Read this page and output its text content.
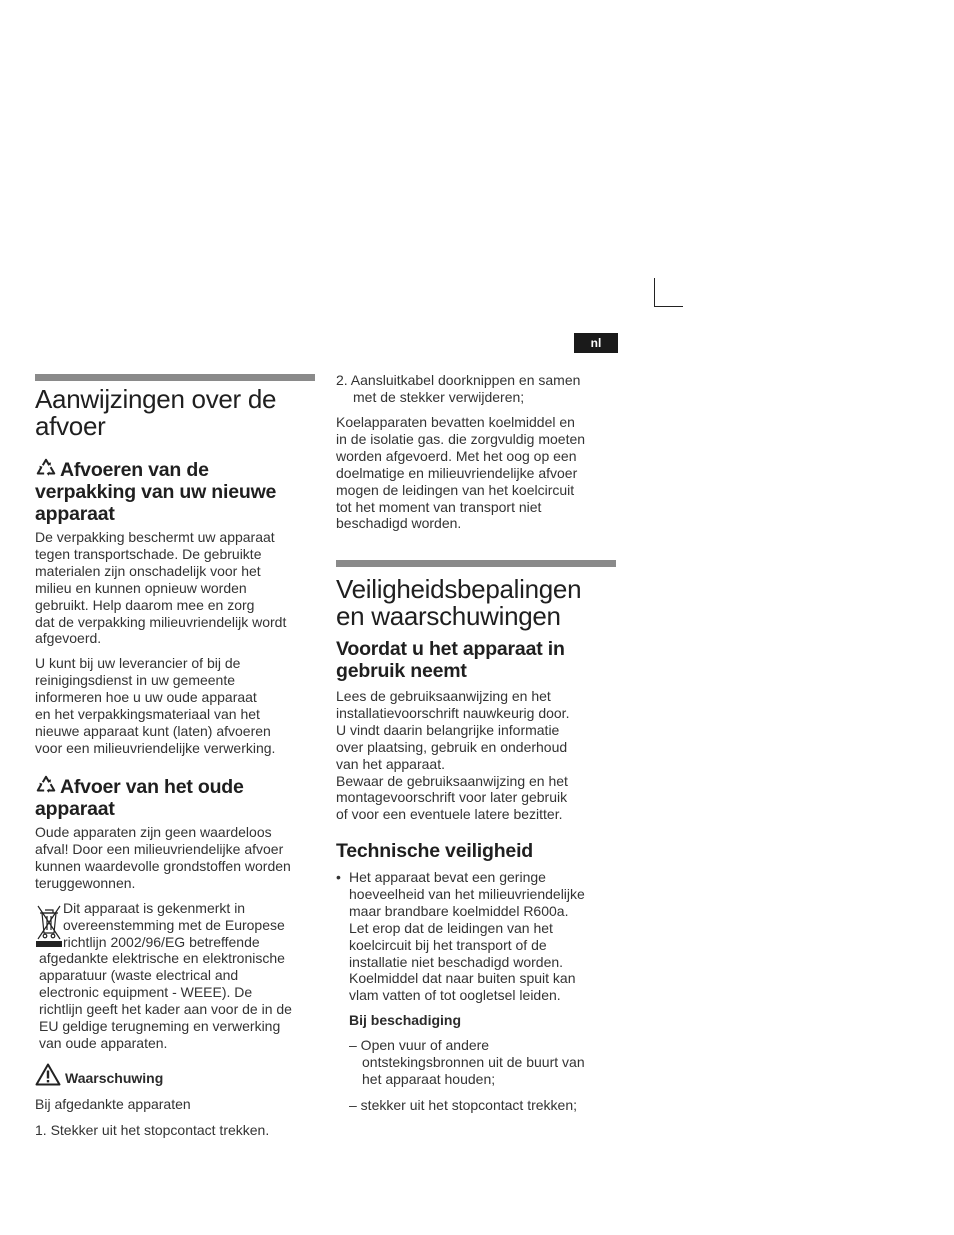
nl
Aanwijzingen over de
afvoer
Afvoeren van de
verpakking van uw nieuwe
apparaat

De verpakking beschermt uw apparaat
tegen transportschade. De gebruikte
materialen zijn onschadelijk voor het
milieu en kunnen opnieuw worden
gebruikt. Help daarom mee en zorg
dat de verpakking milieuvriendelijk wordt
afgevoerd.

U kunt bij uw leverancier of bij de
reinigingsdienst in uw gemeente
informeren hoe u uw oude apparaat
en het verpakkingsmateriaal van het
nieuwe apparaat kunt (laten) afvoeren
voor een milieuvriendelijke verwerking.

Afvoer van het oude
apparaat

Oude apparaten zijn geen waardeloos
afval! Door een milieuvriendelijke afvoer
kunnen waardevolle grondstoffen worden
teruggewonnen.

Dit apparaat is gekenmerkt in
overeenstemming met de Europese
richtlijn 2002/96/EG betreffende

afgedankte elektrische en elektronische
apparatuur (waste electrical and
electronic equipment - WEEE). De
richtlijn geeft het kader aan voor de in de
EU geldige terugneming en verwerking
van oude apparaten.

Waarschuwing

Bij afgedankte apparaten

1. Stekker uit het stopcontact trekken.

2. Aansluitkabel doorknippen en samen
met de stekker verwijderen;

Koelapparaten bevatten koelmiddel en
in de isolatie gas. die zorgvuldig moeten
worden afgevoerd. Met het oog op een
doelmatige en milieuvriendelijke afvoer
mogen de leidingen van het koelcircuit
tot het moment van transport niet
beschadigd worden.

Veiligheidsbepalingen
en waarschuwingen
Voordat u het apparaat in
gebruik neemt

Lees de gebruiksaanwijzing en het
installatievoorschrift nauwkeurig door.
U vindt daarin belangrijke informatie
over plaatsing, gebruik en onderhoud
van het apparaat.
Bewaar de gebruiksaanwijzing en het
montagevoorschrift voor later gebruik
of voor een eventuele latere bezitter.

Technische veiligheid
• Het apparaat bevat een geringe
hoeveelheid van het milieuvriendelijke
maar brandbare koelmiddel R600a.
Let erop dat de leidingen van het
koelcircuit bij het transport of de
installatie niet beschadigd worden.
Koelmiddel dat naar buiten spuit kan
vlam vatten of tot oogletsel leiden.

Bij beschadiging

– Open vuur of andere
ontstekingsbronnen uit de buurt van
het apparaat houden;

– stekker uit het stopcontact trekken;
